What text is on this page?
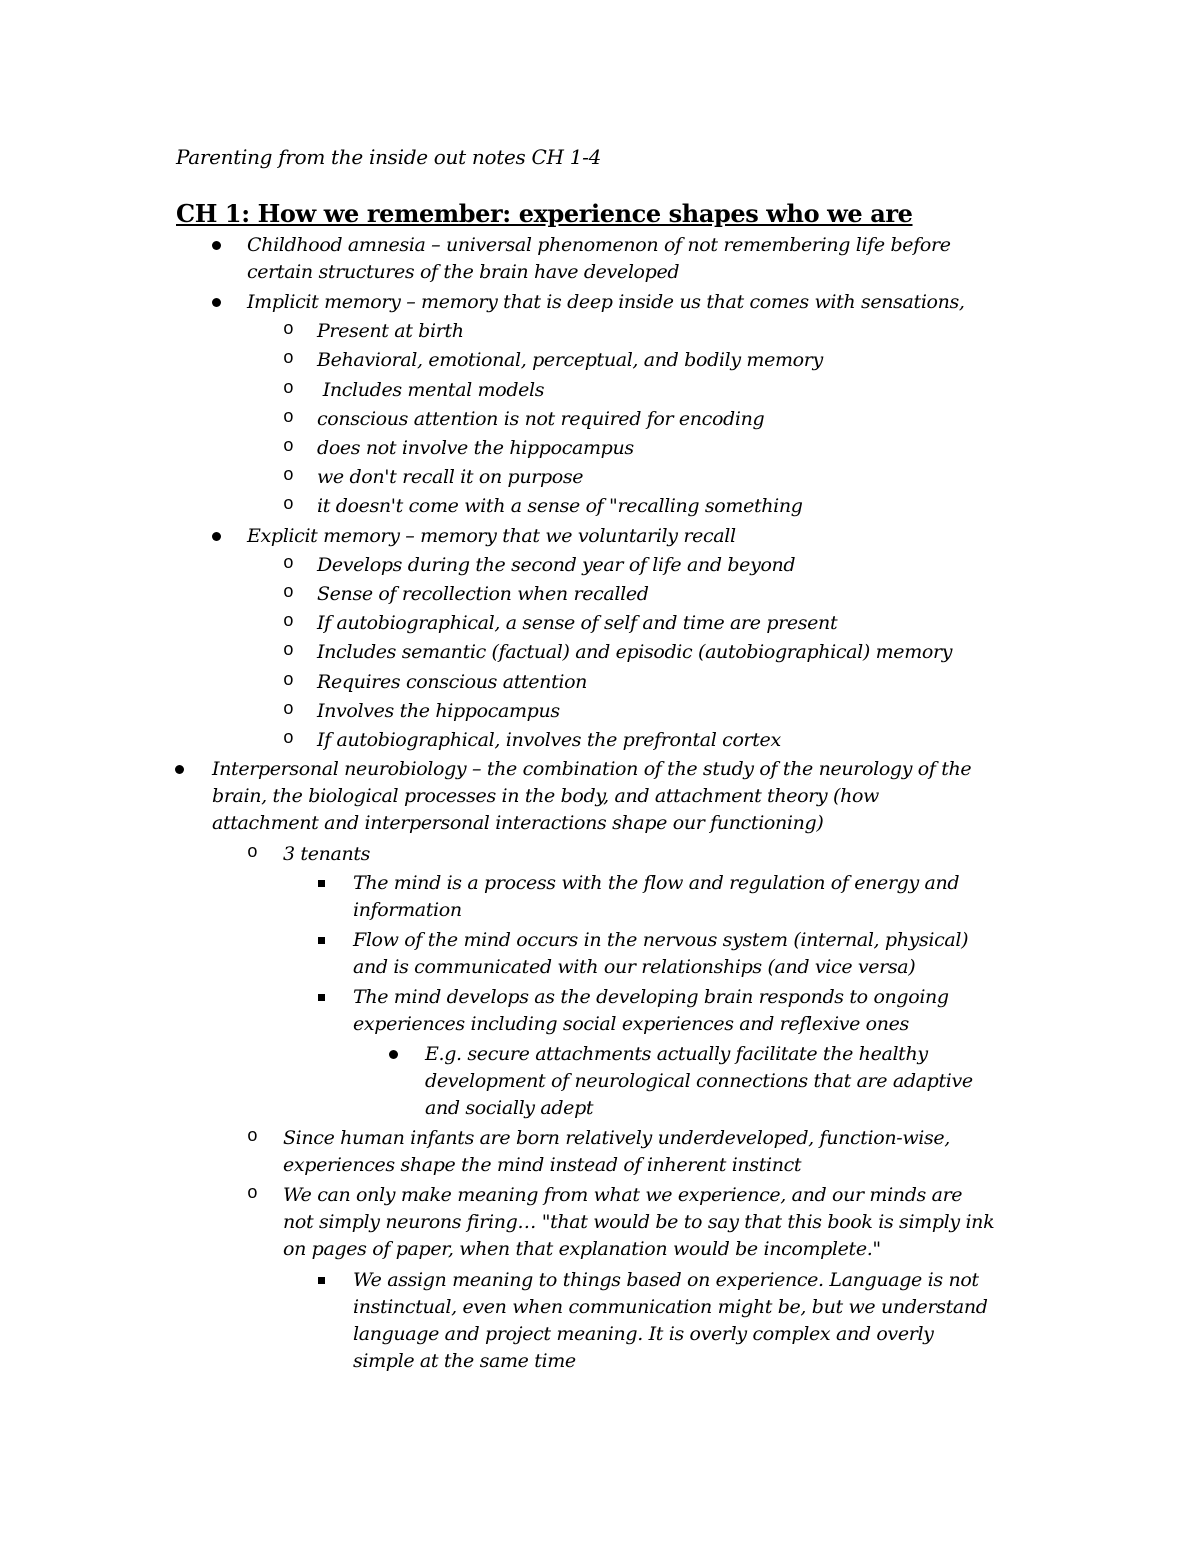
Parenting from the inside out notes CH 1-4
CH 1: How we remember: experience shapes who we are
Childhood amnesia – universal phenomenon of not remembering life before
certain structures of the brain have developed
Implicit memory – memory that is deep inside us that comes with sensations,
o Present at birth
o Behavioral, emotional, perceptual, and bodily memory
o Includes mental models
o conscious attention is not required for encoding
o does not involve the hippocampus
o we don't recall it on purpose
o it doesn't come with a sense of "recalling something
Explicit memory – memory that we voluntarily recall
o Develops during the second year of life and beyond
o Sense of recollection when recalled
o If autobiographical, a sense of self and time are present
o Includes semantic (factual) and episodic (autobiographical) memory
o Requires conscious attention
o Involves the hippocampus
o If autobiographical, involves the prefrontal cortex
Interpersonal neurobiology – the combination of the study of the neurology of the
brain, the biological processes in the body, and attachment theory (how
attachment and interpersonal interactions shape our functioning)
o 3 tenants
The mind is a process with the flow and regulation of energy and
information
Flow of the mind occurs in the nervous system (internal, physical)
and is communicated with our relationships (and vice versa)
The mind develops as the developing brain responds to ongoing
experiences including social experiences and reflexive ones
E.g. secure attachments actually facilitate the healthy
development of neurological connections that are adaptive
and socially adept
o Since human infants are born relatively underdeveloped, function-wise,
experiences shape the mind instead of inherent instinct
o We can only make meaning from what we experience, and our minds are
not simply neurons firing… "that would be to say that this book is simply ink
on pages of paper, when that explanation would be incomplete."
We assign meaning to things based on experience. Language is not
instinctual, even when communication might be, but we understand
language and project meaning. It is overly complex and overly
simple at the same time
